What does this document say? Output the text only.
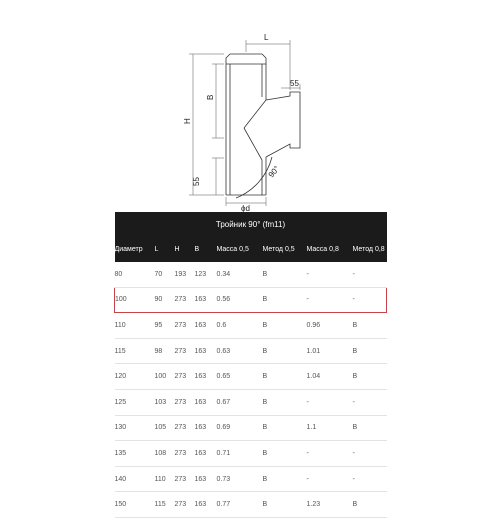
L
55
H
B
55
ϕd
90°
Тройник 90° (fm11)							
Диаметр	L	H	B	Масса 0,5	Метод 0,5	Масса 0,8	Метод 0,8
80	70	193	123	0.34	B	-	-
100	90	273	163	0.56	B	-	-
110	95	273	163	0.6	B	0.96	B
115	98	273	163	0.63	B	1.01	B
120	100	273	163	0.65	B	1.04	B
125	103	273	163	0.67	B	-	-
130	105	273	163	0.69	B	1.1	B
135	108	273	163	0.71	B	-	-
140	110	273	163	0.73	B	-	-
150	115	273	163	0.77	B	1.23	B
